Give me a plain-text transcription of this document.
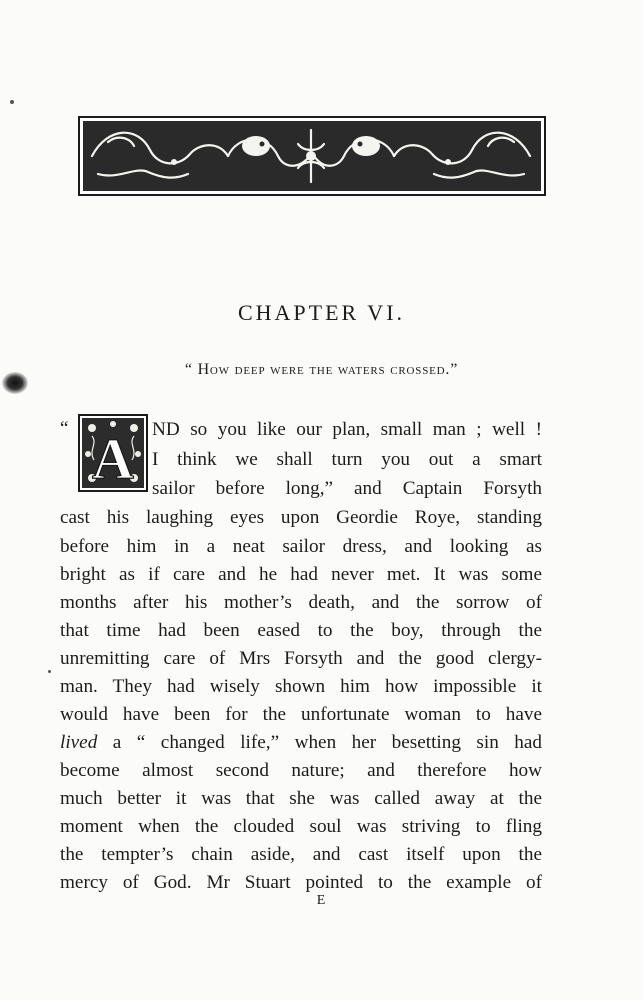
CHAPTER VI.
“ How deep were the waters crossed.”
“ A ND so you like our plan, small man ; well !
I think we shall turn you out a smart
sailor before long,” and Captain Forsyth
cast his laughing eyes upon Geordie Roye, standing
before him in a neat sailor dress, and looking as
bright as if care and he had never met. It was some
months after his mother’s death, and the sorrow of
that time had been eased to the boy, through the
unremitting care of Mrs Forsyth and the good clergy-
man. They had wisely shown him how impossible it
would have been for the unfortunate woman to have
lived a “ changed life,” when her besetting sin had
become almost second nature; and therefore how
much better it was that she was called away at the
moment when the clouded soul was striving to fling
the tempter’s chain aside, and cast itself upon the
mercy of God. Mr Stuart pointed to the example of
E
